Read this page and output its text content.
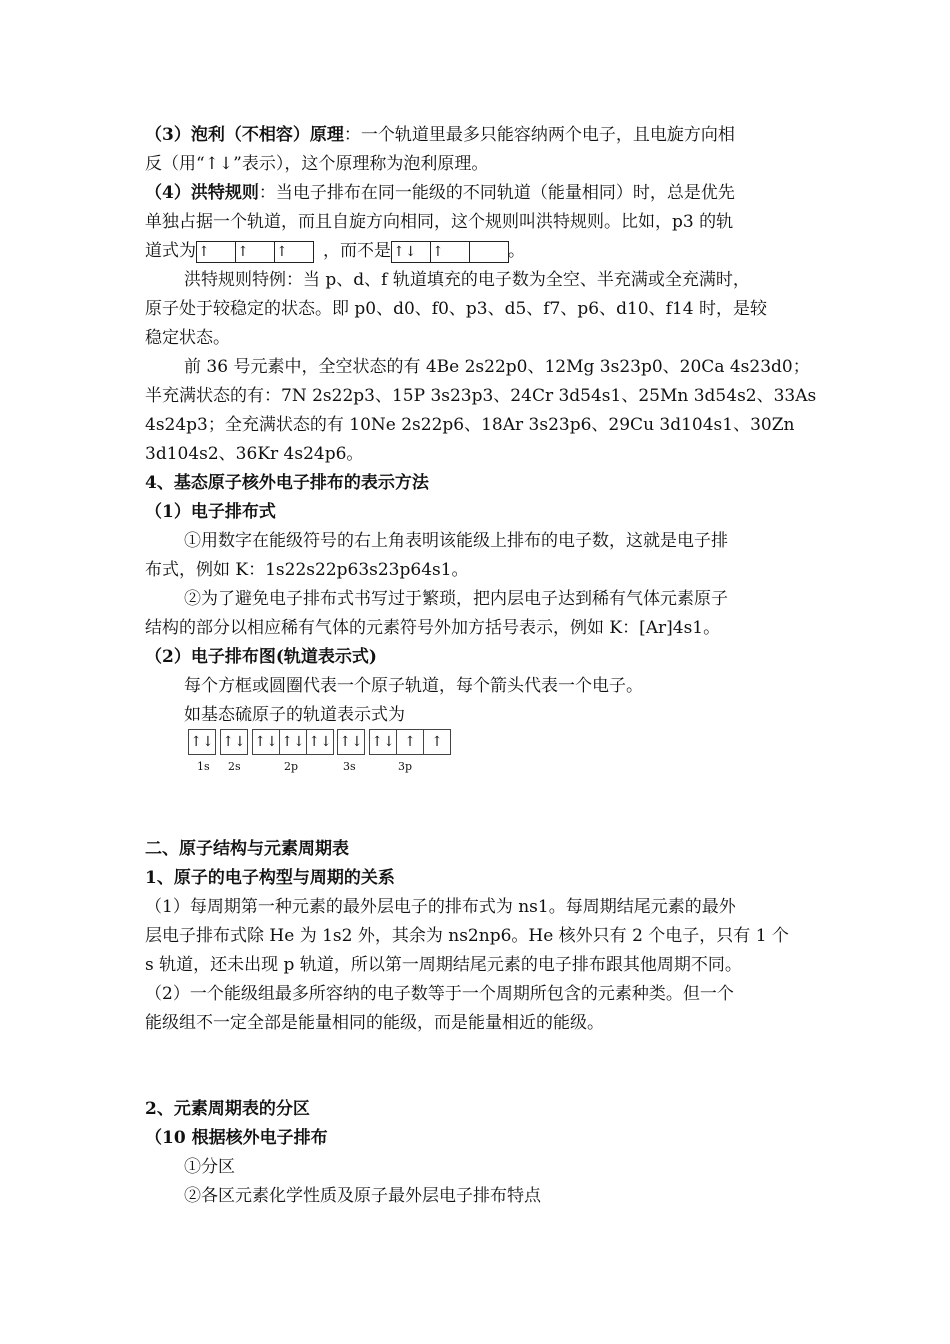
（3）泡利（不相容）原理：一个轨道里最多只能容纳两个电子，且电旋方向相
反（用“↑↓”表示），这个原理称为泡利原理。
（4）洪特规则：当电子排布在同一能级的不同轨道（能量相同）时，总是优先
单独占据一个轨道，而且自旋方向相同，这个规则叫洪特规则。比如，p3 的轨
道式为 ↑ ↑ ↑ ，而不是 ↑↓ ↑	。
洪特规则特例：当 p、d、f 轨道填充的电子数为全空、半充满或全充满时，
原子处于较稳定的状态。即 p0、d0、f0、p3、d5、f7、p6、d10、f14 时，是较
稳定状态。
前 36 号元素中，全空状态的有 4Be 2s22p0、12Mg 3s23p0、20Ca 4s23d0；
半充满状态的有：7N 2s22p3、15P 3s23p3、24Cr 3d54s1、25Mn 3d54s2、33As
4s24p3；全充满状态的有 10Ne 2s22p6、18Ar 3s23p6、29Cu 3d104s1、30Zn
3d104s2、36Kr 4s24p6。
4、基态原子核外电子排布的表示方法
（1）电子排布式
①用数字在能级符号的右上角表明该能级上排布的电子数，这就是电子排
布式，例如 K：1s22s22p63s23p64s1。
②为了避免电子排布式书写过于繁琐，把内层电子达到稀有气体元素原子
结构的部分以相应稀有气体的元素符号外加方括号表示，例如 K：[Ar]4s1。
（2）电子排布图(轨道表示式)
每个方框或圆圈代表一个原子轨道，每个箭头代表一个电子。
如基态硫原子的轨道表示式为
↑↓ ↑↓ ↑↓ ↑↓ ↑↓ ↑↓ ↑↓ ↑	↑
1s 2s	2p	3s	3p
二、原子结构与元素周期表
1、原子的电子构型与周期的关系
（1）每周期第一种元素的最外层电子的排布式为 ns1。每周期结尾元素的最外
层电子排布式除 He 为 1s2 外，其余为 ns2np6。He 核外只有 2 个电子，只有 1 个
s 轨道，还未出现 p 轨道，所以第一周期结尾元素的电子排布跟其他周期不同。
（2）一个能级组最多所容纳的电子数等于一个周期所包含的元素种类。但一个
能级组不一定全部是能量相同的能级，而是能量相近的能级。
2、元素周期表的分区
（10 根据核外电子排布
①分区
②各区元素化学性质及原子最外层电子排布特点
